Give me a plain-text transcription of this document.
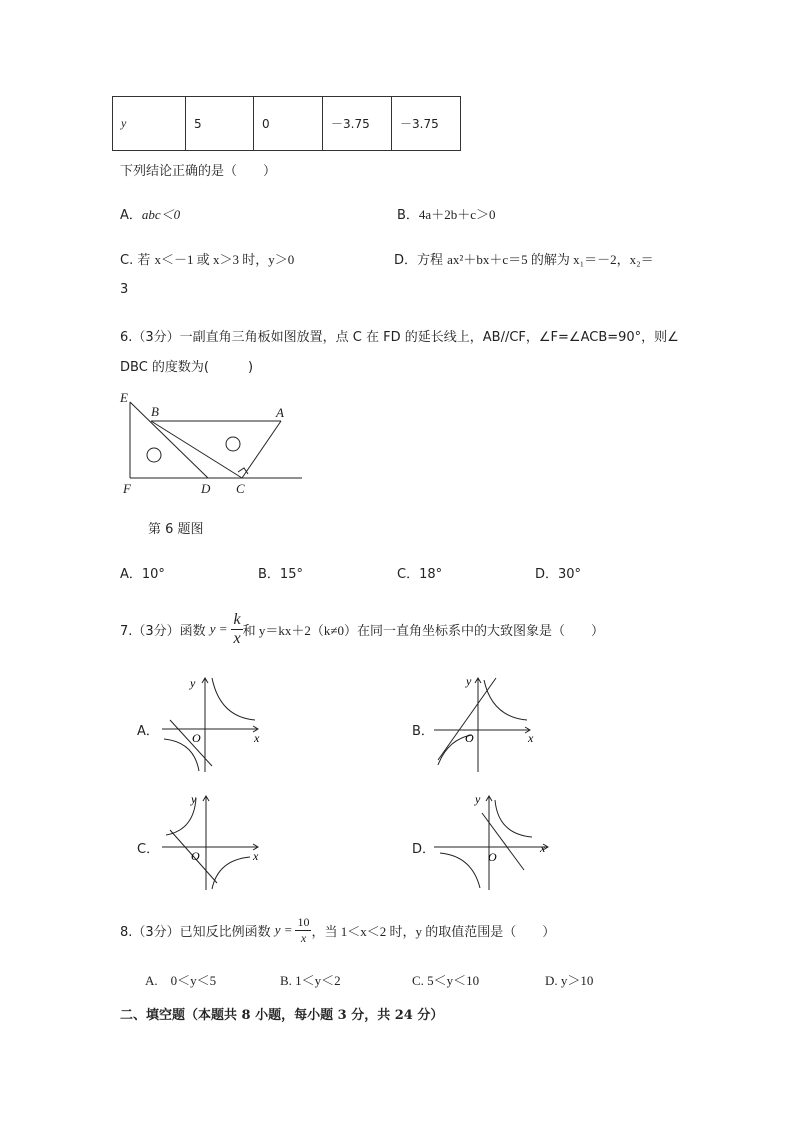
y	5	0	－3.75	－3.75
下列结论正确的是（　　）
A．abc＜0	B．4a＋2b＋c＞0
C. 若 x＜－1 或 x＞3 时，y＞0	D．方程 ax²＋bx＋c＝5 的解为 x₁＝－2，x₂＝
3
6.（3分）一副直角三角板如图放置，点 C 在 FD 的延长线上，AB//CF，∠F=∠ACB=90°，则∠
DBC 的度数为(　　　)
E
B	A
F	D C
第 6 题图
A．10°	B．15°	C．18°	D．30°
7.（3分）函数 $y = \frac{k}{x}$ 和 y＝kx＋2（k≠0）在同一直角坐标系中的大致图象是（　　）
A．
y
x
O	B．
y
x
O
C．
y
x
O	D．
y
x
O
8.（3分）已知反比例函数 $y = \frac{10}{x}$ ，当 1＜x＜2 时，y 的取值范围是（　　）
A.　0＜y＜5	B. 1＜y＜2	C. 5＜y＜10	D. y＞10
二、填空题（本题共 8 小题，每小题 3 分，共 24 分）
